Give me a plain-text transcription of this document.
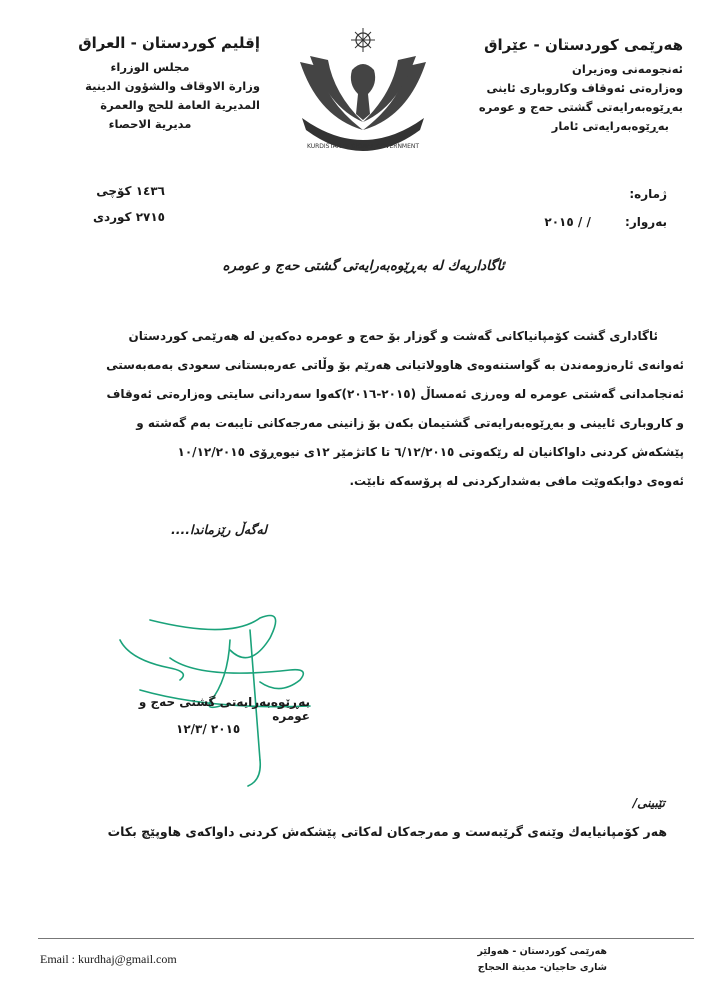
هەرێمی کوردستان - عێراق
ئەنجومەنی وەزیران
وەزارەتی ئەوقاف وکاروباری ئاینی
بەڕێوەبەرایەتی گشتی حەج و عومرە
بەڕێوەبەرایەتی ئامار
KURDISTAN REGIONAL GOVERNMENT
إقليم كوردستان - العراق
مجلس الوزراء
وزارة الاوقاف والشؤون الدينية
المديرية العامة للحج والعمرة
مديرية الاحصاء
ژمارە:
بەروار: / / ٢٠١٥
١٤٣٦ كۆچی
٢٧١٥ كوردی
ئاگاداریەك لە بەڕێوەبەرایەتی گشتی حەج و عومرە

ئاگاداری گشت كۆمپانیاكانی گەشت و گوزار بۆ حەج و عومرە دەكەین لە هەرێمی كوردستان

ئەوانەی ئارەزومەندن بە گواستنەوەی هاوولاتیانی هەرێم بۆ وڵاتی عەرەبستانی سعودی بەمەبەستی

ئەنجامدانی گەشتی عومرە لە وەرزی ئەمساڵ (٢٠١٥-٢٠١٦)كەوا سەردانی سایتی وەزارەتی ئەوقاف

و كاروباری ئایینی و بەڕێوەبەرایەتی گشتیمان بكەن بۆ زانینی مەرجەكانی تایبەت بەم گەشتە و

پێشكەش كردنی داواكانیان لە رێكەوتی ٦/١٢/٢٠١٥ تا كاتژمێر ١٢ی نیوەڕۆی ١٠/١٢/٢٠١٥

ئەوەی دوابكەوێت مافی بەشداركردنی لە پرۆسەكە نابێت.

لەگەڵ رێزماندا....
بەڕێوەبەرایەتی گشتی حەج و عومرە
٢٠١٥ /١٢/٣
تێبینی/
هەر كۆمپانیایەك وێنەی گرێبەست و مەرجەكان لەكاتی پێشكەش كردنی داواكەی هاوپێچ بكات
Email : kurdhaj@gmail.com
هەرێمی كوردستان - هەولێر
شاری حاجیان- مدينة الحجاج
